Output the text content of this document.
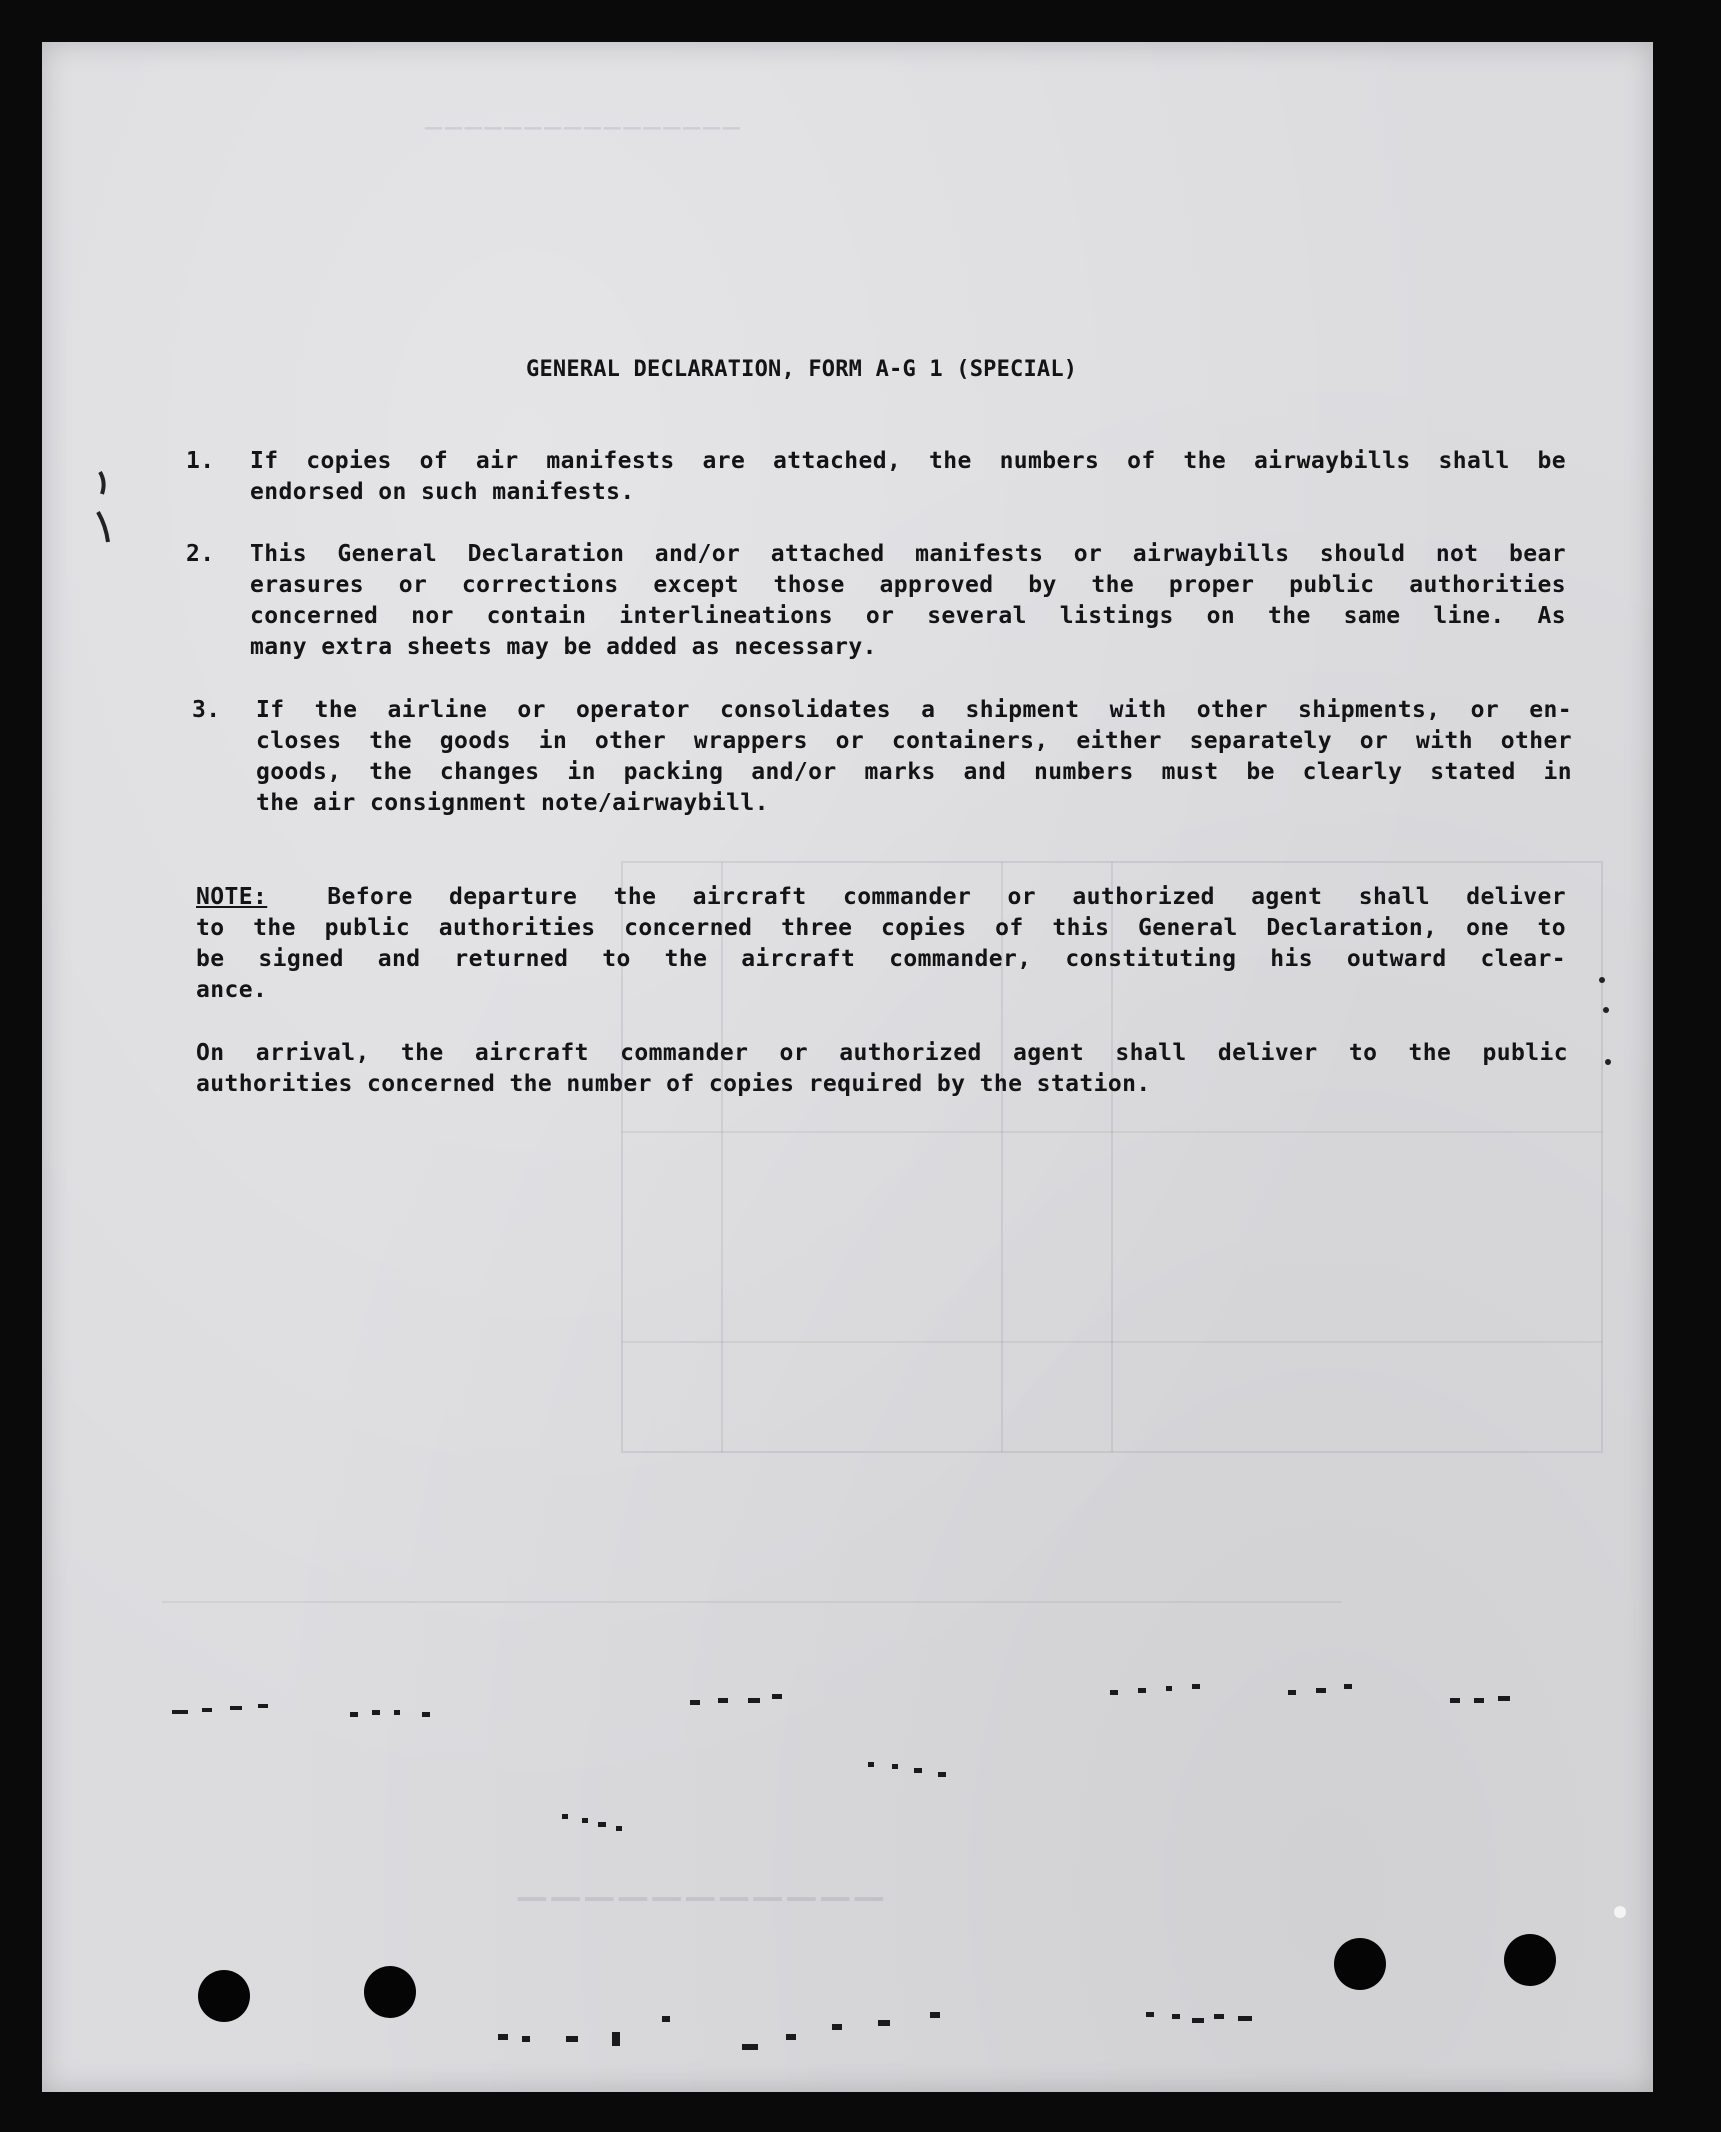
────────────────
───────────
GENERAL DECLARATION, FORM A-G 1 (SPECIAL)
1.	If copies of air manifests are attached, the numbers of the airwaybills shall be
endorsed on such manifests.
2.	This General Declaration and/or attached manifests or airwaybills should not bear
erasures or corrections except those approved by the proper public authorities
concerned nor contain interlineations or several listings on the same line. As
many extra sheets may be added as necessary.
3.	If the airline or operator consolidates a shipment with other shipments, or en-
closes the goods in other wrappers or containers, either separately or with other
goods, the changes in packing and/or marks and numbers must be clearly stated in
the air consignment note/airwaybill.
NOTE:	Before departure the aircraft commander or authorized agent shall deliver
to the public authorities concerned three copies of this General Declaration, one to
be signed and returned to the aircraft commander, constituting his outward clear-
ance.
On arrival, the aircraft commander or authorized agent shall deliver to the public
authorities concerned the number of copies required by the station.
